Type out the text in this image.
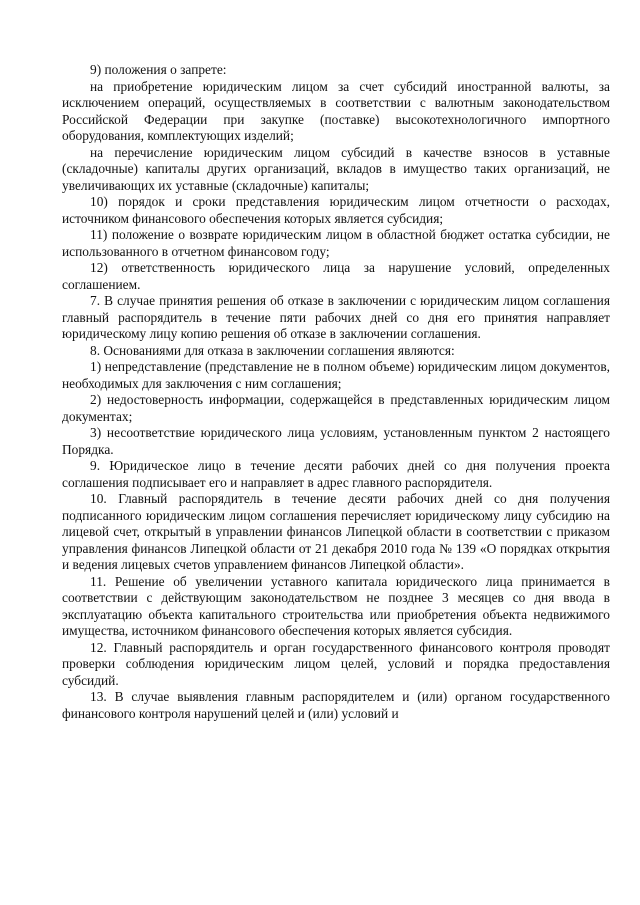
9) положения о запрете:

на приобретение юридическим лицом за счет субсидий иностранной валюты, за исключением операций, осуществляемых в соответствии с валютным законодательством Российской Федерации при закупке (поставке) высокотехнологичного импортного оборудования, комплектующих изделий;

на перечисление юридическим лицом субсидий в качестве взносов в уставные (складочные) капиталы других организаций, вкладов в имущество таких организаций, не увеличивающих их уставные (складочные) капиталы;

10) порядок и сроки представления юридическим лицом отчетности о расходах, источником финансового обеспечения которых является субсидия;

11) положение о возврате юридическим лицом в областной бюджет остатка субсидии, не использованного в отчетном финансовом году;

12) ответственность юридического лица за нарушение условий, определенных соглашением.

7. В случае принятия решения об отказе в заключении с юридическим лицом соглашения главный распорядитель в течение пяти рабочих дней со дня его принятия направляет юридическому лицу копию решения об отказе в заключении соглашения.

8. Основаниями для отказа в заключении соглашения являются:

1) непредставление (представление не в полном объеме) юридическим лицом документов, необходимых для заключения с ним соглашения;

2) недостоверность информации, содержащейся в представленных юридическим лицом документах;

3) несоответствие юридического лица условиям, установленным пунктом 2 настоящего Порядка.

9. Юридическое лицо в течение десяти рабочих дней со дня получения проекта соглашения подписывает его и направляет в адрес главного распорядителя.

10. Главный распорядитель в течение десяти рабочих дней со дня получения подписанного юридическим лицом соглашения перечисляет юридическому лицу субсидию на лицевой счет, открытый в управлении финансов Липецкой области в соответствии с приказом управления финансов Липецкой области от 21 декабря 2010 года № 139 «О порядках открытия и ведения лицевых счетов управлением финансов Липецкой области».

11. Решение об увеличении уставного капитала юридического лица принимается в соответствии с действующим законодательством не позднее 3 месяцев со дня ввода в эксплуатацию объекта капитального строительства или приобретения объекта недвижимого имущества, источником финансового обеспечения которых является субсидия.

12. Главный распорядитель и орган государственного финансового контроля проводят проверки соблюдения юридическим лицом целей, условий и порядка предоставления субсидий.

13. В случае выявления главным распорядителем и (или) органом государственного финансового контроля нарушений целей и (или) условий и
